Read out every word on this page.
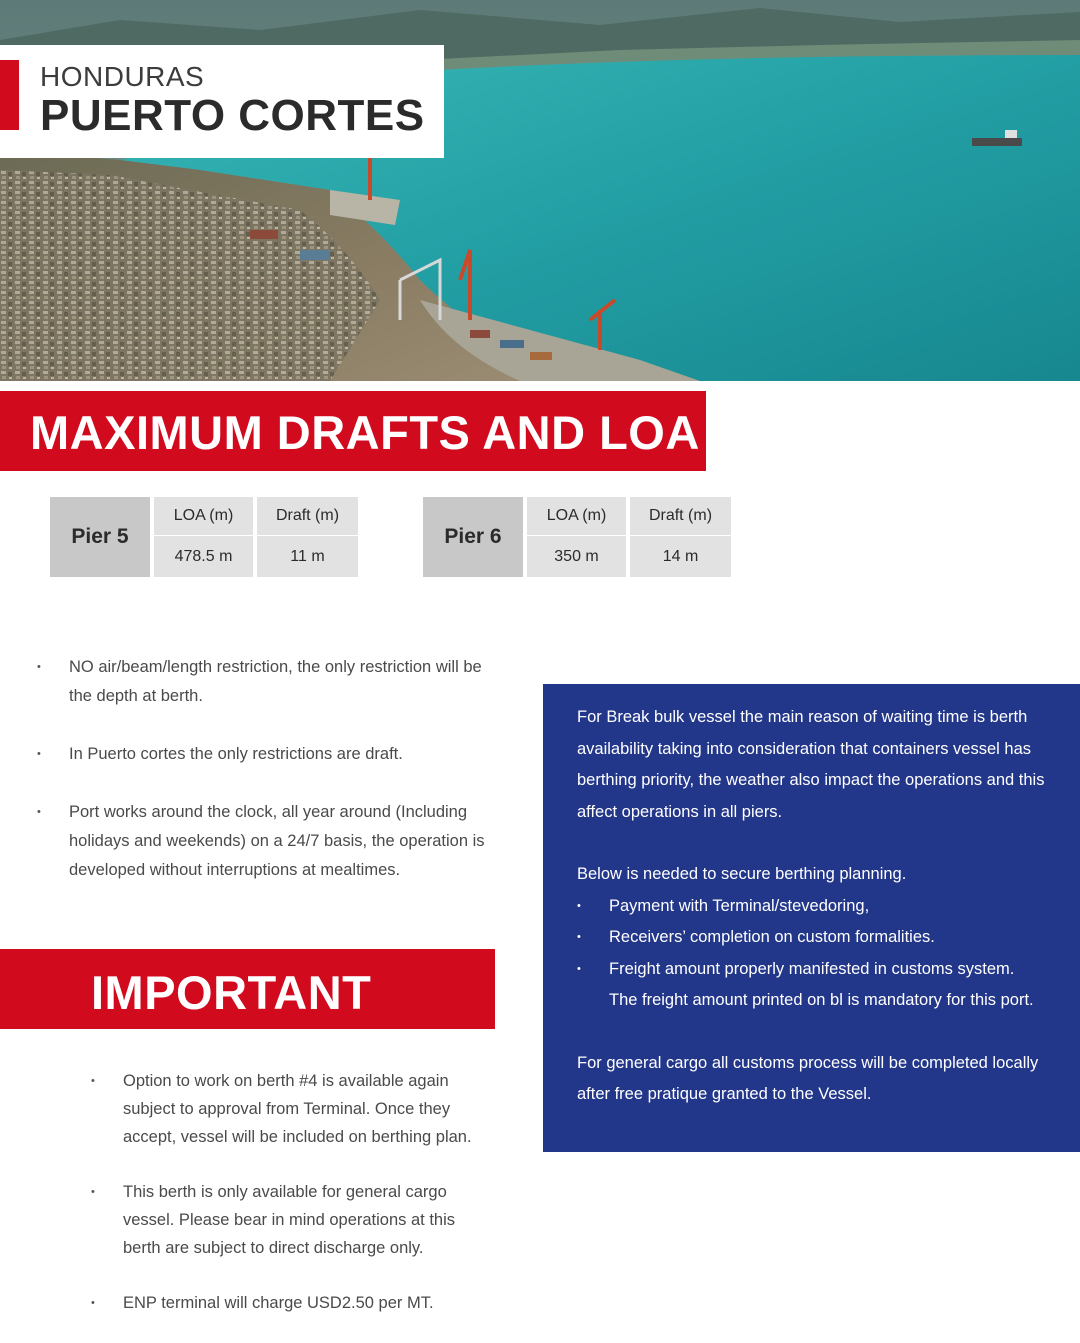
HONDURAS
PUERTO CORTES
MAXIMUM DRAFTS AND LOA
Pier 5
LOA (m)	Draft (m)
478.5 m	11 m
Pier 6
LOA (m)	Draft (m)
350 m	14 m
• NO air/beam/length restriction, the only restriction will be the depth at berth.
• In Puerto cortes the only restrictions are draft.
• Port works around the clock, all year around (Including holidays and weekends) on a 24/7 basis, the operation is developed without interruptions at mealtimes.
IMPORTANT
• Option to work on berth #4 is available again subject to approval from Terminal. Once they accept, vessel will be included on berthing plan.
• This berth is only available for general cargo vessel. Please bear in mind operations at this berth are subject to direct discharge only.
• ENP terminal will charge USD2.50 per MT.

For Break bulk vessel the main reason of waiting time is berth availability taking into consideration that containers vessel has berthing priority, the weather also impact the operations and this affect operations in all piers.

Below is needed to secure berthing planning.

• Payment with Terminal/stevedoring,
• Receivers’ completion on custom formalities.
• Freight amount properly manifested in customs system. The freight amount printed on bl is mandatory for this port.

For general cargo all customs process will be completed locally after free pratique granted to the Vessel.
